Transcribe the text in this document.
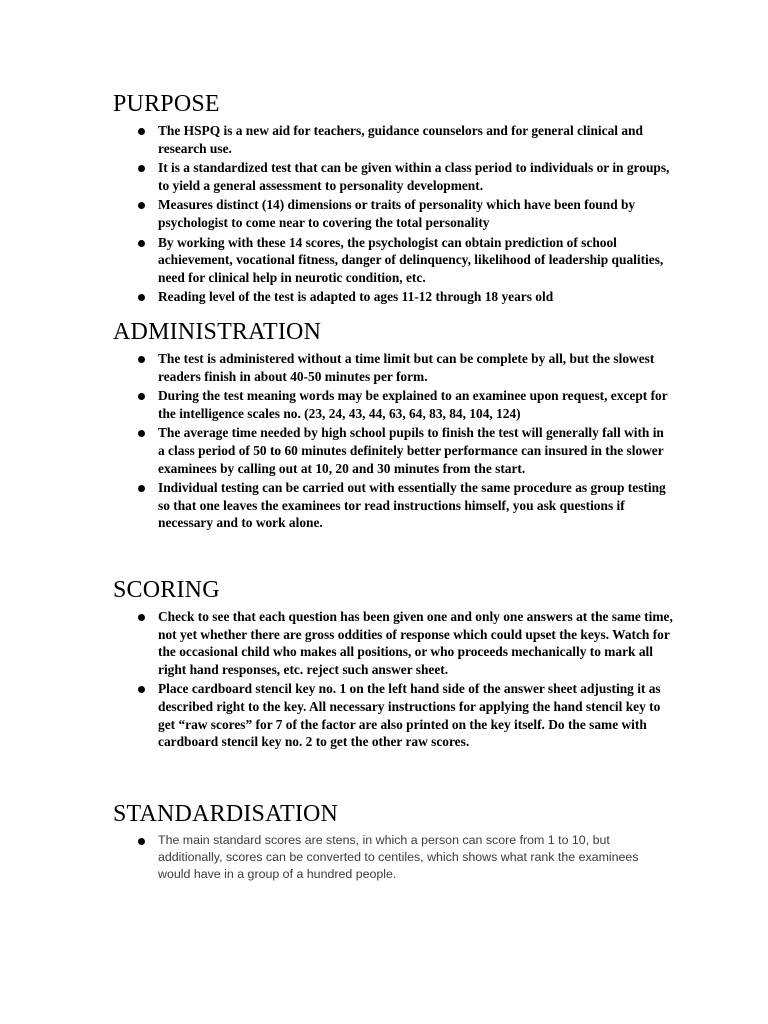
PURPOSE
The HSPQ is a new aid for teachers, guidance counselors and for general clinical and research use.
It is a standardized test that can be given within a class period to individuals or in groups, to yield a general assessment to personality development.
Measures distinct (14) dimensions or traits of personality which have been found by psychologist to come near to covering the total personality
By working with these 14 scores, the psychologist can obtain prediction of school achievement, vocational fitness, danger of delinquency, likelihood of leadership qualities, need for clinical help in neurotic condition, etc.
Reading level of the test is adapted to ages 11-12 through 18 years old
ADMINISTRATION
The test is administered without a time limit but can be complete by all, but the slowest readers finish in about 40-50 minutes per form.
During the test meaning words may be explained to an examinee upon request, except for the intelligence scales no. (23, 24, 43, 44, 63, 64, 83, 84, 104, 124)
The average time needed by high school pupils to finish the test will generally fall with in a class period of 50 to 60 minutes definitely better performance can insured in the slower examinees by calling out at 10, 20 and 30 minutes from the start.
Individual testing can be carried out with essentially the same procedure as group testing so that one leaves the examinees tor read instructions himself, you ask questions if necessary and to work alone.
SCORING
Check to see that each question has been given one and only one answers at the same time, not yet whether there are gross oddities of response which could upset the keys. Watch for the occasional child who makes all positions, or who proceeds mechanically to mark all right hand responses, etc. reject such answer sheet.
Place cardboard stencil key no. 1 on the left hand side of the answer sheet adjusting it as described right to the key. All necessary instructions for applying the hand stencil key to get “raw scores” for 7 of the factor are also printed on the key itself. Do the same with cardboard stencil key no. 2 to get the other raw scores.
STANDARDISATION
The main standard scores are stens, in which a person can score from 1 to 10, but additionally, scores can be converted to centiles, which shows what rank the examinees would have in a group of a hundred people.
